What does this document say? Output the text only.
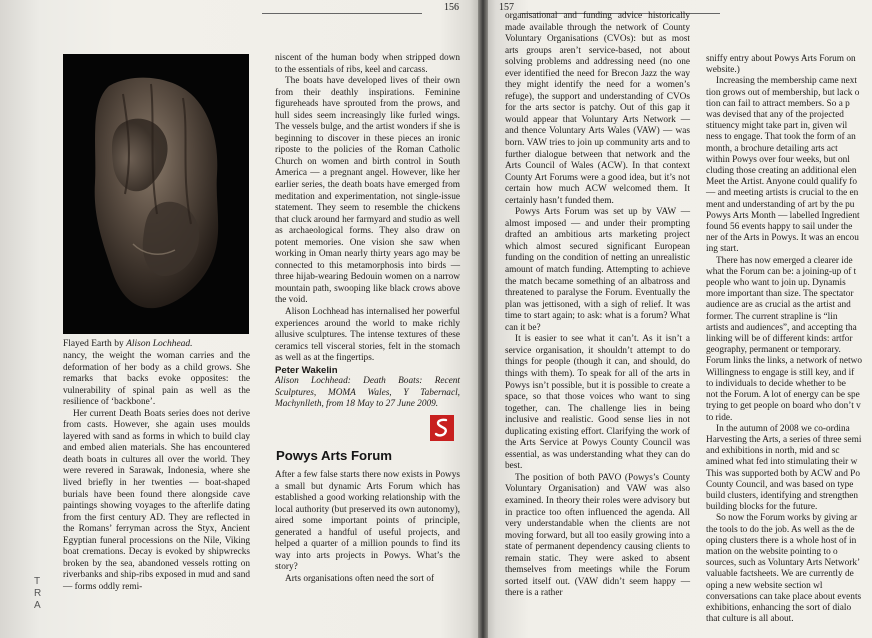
156	157
A
R
T
Flayed Earth by Alison Lochhead.

nancy, the weight the woman carries and the deformation of her body as a child grows. She remarks that backs evoke opposites: the vulnerability of spinal pain as well as the resilience of ‘backbone’.

Her current Death Boats series does not derive from casts. However, she again uses moulds layered with sand as forms in which to build clay and embed alien materials. She has encountered death boats in cultures all over the world. They were revered in Sarawak, Indonesia, where she lived briefly in her twenties — boat-shaped burials have been found there alongside cave paintings showing voyages to the afterlife dating from the first century AD. They are reflected in the Romans’ ferryman across the Styx, Ancient Egyptian funeral processions on the Nile, Viking boat cremations. Decay is evoked by shipwrecks broken by the sea, abandoned vessels rotting on riverbanks and ship-ribs exposed in mud and sand — forms oddly remi-

niscent of the human body when stripped down to the essentials of ribs, keel and carcass.

The boats have developed lives of their own from their deathly inspirations. Feminine figureheads have sprouted from the prows, and hull sides seem increasingly like furled wings. The vessels bulge, and the artist wonders if she is beginning to discover in these pieces an ironic riposte to the policies of the Roman Catholic Church on women and birth control in South America — a pregnant angel. However, like her earlier series, the death boats have emerged from meditation and experimentation, not single-issue statement. They seem to resemble the chickens that cluck around her farmyard and studio as well as archaeological forms. They also draw on potent memories. One vision she saw when working in Oman nearly thirty years ago may be connected to this metamorphosis into birds — three hijab-wearing Bedouin women on a narrow mountain path, swooping like black crows above the void.

Alison Lochhead has internalised her powerful experiences around the world to make richly allusive sculptures. The intense textures of these ceramics tell visceral stories, felt in the stomach as well as at the fingertips.

Peter Wakelin

Alison Lochhead: Death Boats: Recent Sculptures, MOMA Wales, Y Tabernacl, Machynlleth, from 18 May to 27 June 2009.

Powys Arts Forum

After a few false starts there now exists in Powys a small but dynamic Arts Forum which has established a good working relationship with the local authority (but preserved its own autonomy), aired some important points of principle, generated a handful of useful projects, and helped a quarter of a million pounds to find its way into arts projects in Powys. What’s the story?

Arts organisations often need the sort of

organisational and funding advice historically made available through the network of County Voluntary Organisations (CVOs): but as most arts groups aren’t service-based, not about solving problems and addressing need (no one ever identified the need for Brecon Jazz the way they might identify the need for a women’s refuge), the support and understanding of CVOs for the arts sector is patchy. Out of this gap it would appear that Voluntary Arts Network — and thence Voluntary Arts Wales (VAW) — was born. VAW tries to join up community arts and to further dialogue between that network and the Arts Council of Wales (ACW). In that context County Art Forums were a good idea, but it’s not certain how much ACW welcomed them. It certainly hasn’t funded them.

Powys Arts Forum was set up by VAW — almost imposed — and under their prompting drafted an ambitious arts marketing project which almost secured significant European funding on the condition of netting an unrealistic amount of match funding. Attempting to achieve the match became something of an albatross and threatened to paralyse the Forum. Eventually the plan was jettisoned, with a sigh of relief. It was time to start again; to ask: what is a forum? What can it be?

It is easier to see what it can’t. As it isn’t a service organisation, it shouldn’t attempt to do things for people (though it can, and should, do things with them). To speak for all of the arts in Powys isn’t possible, but it is possible to create a space, so that those voices who want to sing together, can. The challenge lies in being inclusive and realistic. Good sense lies in not duplicating existing effort. Clarifying the work of the Arts Service at Powys County Council was essential, as was understanding what they can do best.

The position of both PAVO (Powys’s County Voluntary Organisation) and VAW was also examined. In theory their roles were advisory but in practice too often influenced the agenda. All very understandable when the clients are not moving forward, but all too easily growing into a state of permanent dependency causing clients to remain static. They were asked to absent themselves from meetings while the Forum sorted itself out. (VAW didn’t seem happy — there is a rather

sniffy entry about Powys Arts Forum on
website.)
Increasing the membership came next
tion grows out of membership, but lack o
tion can fail to attract members. So a p
was devised that any of the projected
stituency might take part in, given wil
ness to engage. That took the form of an
month, a brochure detailing arts act
within Powys over four weeks, but onl
cluding those creating an additional elen
Meet the Artist. Anyone could qualify fo
— and meeting artists is crucial to the en
ment and understanding of art by the pu
Powys Arts Month — labelled Ingredient
found 56 events happy to sail under the
ner of the Arts in Powys. It was an encou
ing start.
There has now emerged a clearer ide
what the Forum can be: a joining-up of t
people who want to join up. Dynamis
more important than size. The spectator
audience are as crucial as the artist and
former. The current strapline is “lin
artists and audiences”, and accepting tha
linking will be of different kinds: artfor
geography, permanent or temporary.
Forum links the links, a network of netwo
Willingness to engage is still key, and if
to individuals to decide whether to be
not the Forum. A lot of energy can be spe
trying to get people on board who don’t v
to ride.
In the autumn of 2008 we co-ordina
Harvesting the Arts, a series of three semi
and exhibitions in north, mid and sc
amined what fed into stimulating their w
This was supported both by ACW and Po
County Council, and was based on type
build clusters, identifying and strengthen
building blocks for the future.
So now the Forum works by giving ar
the tools to do the job. As well as the de
oping clusters there is a whole host of in
mation on the website pointing to o
sources, such as Voluntary Arts Network’
valuable factsheets. We are currently de
oping a new website section wl
conversations can take place about events
exhibitions, enhancing the sort of dialo
that culture is all about.
